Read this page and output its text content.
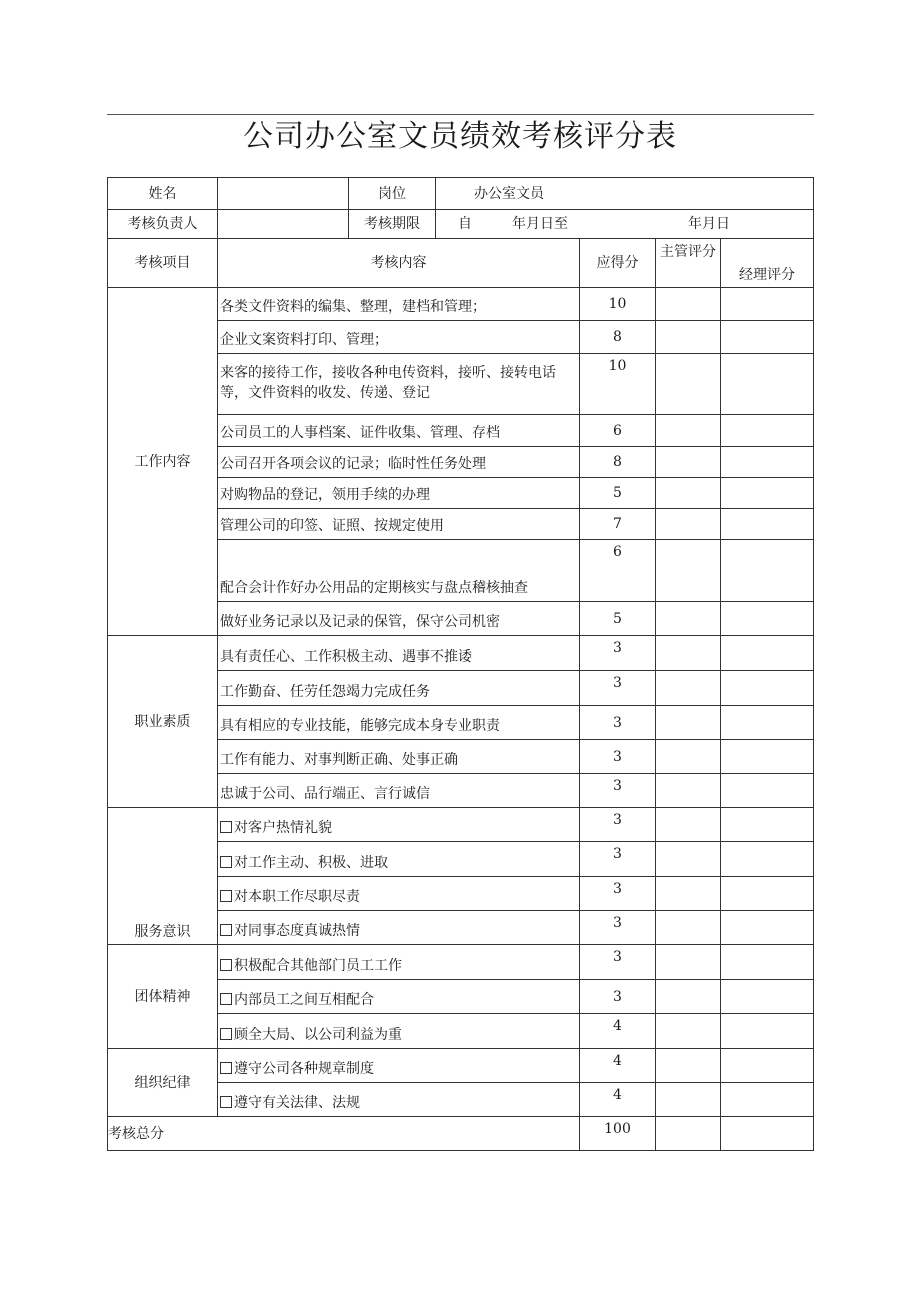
公司办公室文员绩效考核评分表
姓名		岗位	办公室文员			
考核负责人		考核期限	自 年月日至 年月日			
考核项目	考核内容			应得分	主管评分	经理评分
工作内容	各类文件资料的编集、整理，建档和管理；			10		
	企业文案资料打印、管理；			8		
	来客的接待工作，接收各种电传资料，接听、接转电话等，文件资料的收发、传递、登记			10		
	公司员工的人事档案、证件收集、管理、存档			6		
	公司召开各项会议的记录；临时性任务处理			8		
	对购物品的登记，领用手续的办理			5		
	管理公司的印签、证照、按规定使用			7		
	配合会计作好办公用品的定期核实与盘点稽核抽查			6		
	做好业务记录以及记录的保管，保守公司机密			5		
职业素质	具有责任心、工作积极主动、遇事不推诿			3		
	工作勤奋、任劳任怨竭力完成任务			3		
	具有相应的专业技能，能够完成本身专业职责			3		
	工作有能力、对事判断正确、处事正确			3		
	忠诚于公司、品行端正、言行诚信			3		
服务意识	对客户热情礼貌			3		
	对工作主动、积极、进取			3		
	对本职工作尽职尽责			3		
	对同事态度真诚热情			3		
团体精神	积极配合其他部门员工工作			3		
	内部员工之间互相配合			3		
	顾全大局、以公司利益为重			4		
组织纪律	遵守公司各种规章制度			4		
	遵守有关法律、法规			4		
考核总分				100		
